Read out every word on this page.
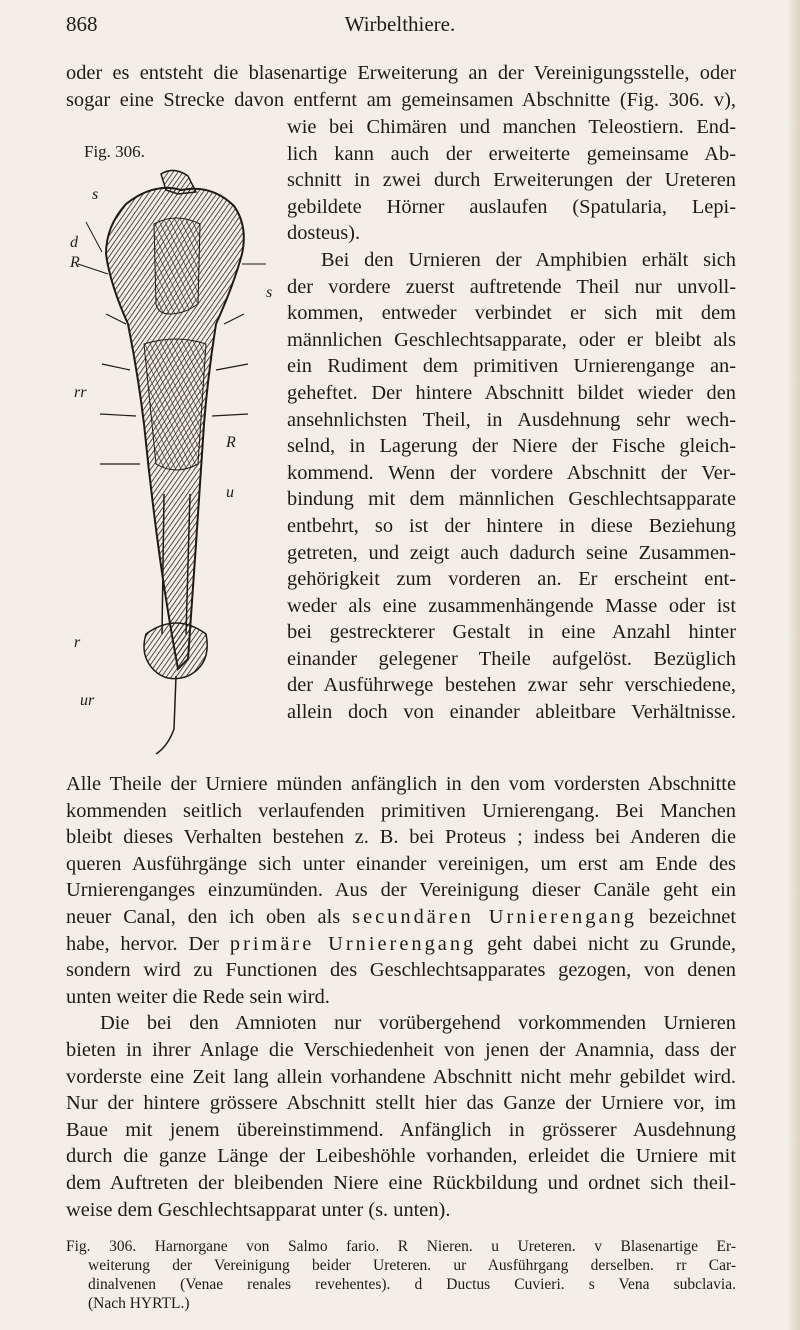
868	Wirbelthiere.
oder es entsteht die blasenartige Erweiterung an der Vereinigungsstelle, oder
sogar eine Strecke davon entfernt am gemeinsamen Abschnitte (Fig. 306. v),
Fig. 306.
s
d
R
s
rr
R
u
r
ur
wie bei Chimären und manchen Teleostiern. End-
lich kann auch der erweiterte gemeinsame Ab-
schnitt in zwei durch Erweiterungen der Ureteren
gebildete Hörner auslaufen (Spatularia, Lepi-
dosteus).
Bei den Urnieren der Amphibien erhält sich
der vordere zuerst auftretende Theil nur unvoll-
kommen, entweder verbindet er sich mit dem
männlichen Geschlechtsapparate, oder er bleibt als
ein Rudiment dem primitiven Urnierengange an-
geheftet. Der hintere Abschnitt bildet wieder den
ansehnlichsten Theil, in Ausdehnung sehr wech-
selnd, in Lagerung der Niere der Fische gleich-
kommend. Wenn der vordere Abschnitt der Ver-
bindung mit dem männlichen Geschlechtsapparate
entbehrt, so ist der hintere in diese Beziehung
getreten, und zeigt auch dadurch seine Zusammen-
gehörigkeit zum vorderen an. Er erscheint ent-
weder als eine zusammenhängende Masse oder ist
bei gestreckterer Gestalt in eine Anzahl hinter
einander gelegener Theile aufgelöst. Bezüglich
der Ausführwege bestehen zwar sehr verschiedene,
allein doch von einander ableitbare Verhältnisse.
Alle Theile der Urniere münden anfänglich in den vom vordersten Abschnitte
kommenden seitlich verlaufenden primitiven Urnierengang. Bei Manchen
bleibt dieses Verhalten bestehen z. B. bei Proteus ; indess bei Anderen die
queren Ausführgänge sich unter einander vereinigen, um erst am Ende des
Urnierenganges einzumünden. Aus der Vereinigung dieser Canäle geht ein
neuer Canal, den ich oben als secundären Urnierengang bezeichnet
habe, hervor. Der primäre Urnierengang geht dabei nicht zu Grunde,
sondern wird zu Functionen des Geschlechtsapparates gezogen, von denen
unten weiter die Rede sein wird.
Die bei den Amnioten nur vorübergehend vorkommenden Urnieren
bieten in ihrer Anlage die Verschiedenheit von jenen der Anamnia, dass der
vorderste eine Zeit lang allein vorhandene Abschnitt nicht mehr gebildet wird.
Nur der hintere grössere Abschnitt stellt hier das Ganze der Urniere vor, im
Baue mit jenem übereinstimmend. Anfänglich in grösserer Ausdehnung
durch die ganze Länge der Leibeshöhle vorhanden, erleidet die Urniere mit
dem Auftreten der bleibenden Niere eine Rückbildung und ordnet sich theil-
weise dem Geschlechtsapparat unter (s. unten).
Fig. 306. Harnorgane von Salmo fario. R Nieren. u Ureteren. v Blasenartige Er-
weiterung der Vereinigung beider Ureteren. ur Ausführgang derselben. rr Car-
dinalvenen (Venae renales revehentes). d Ductus Cuvieri. s Vena subclavia.
(Nach HYRTL.)
